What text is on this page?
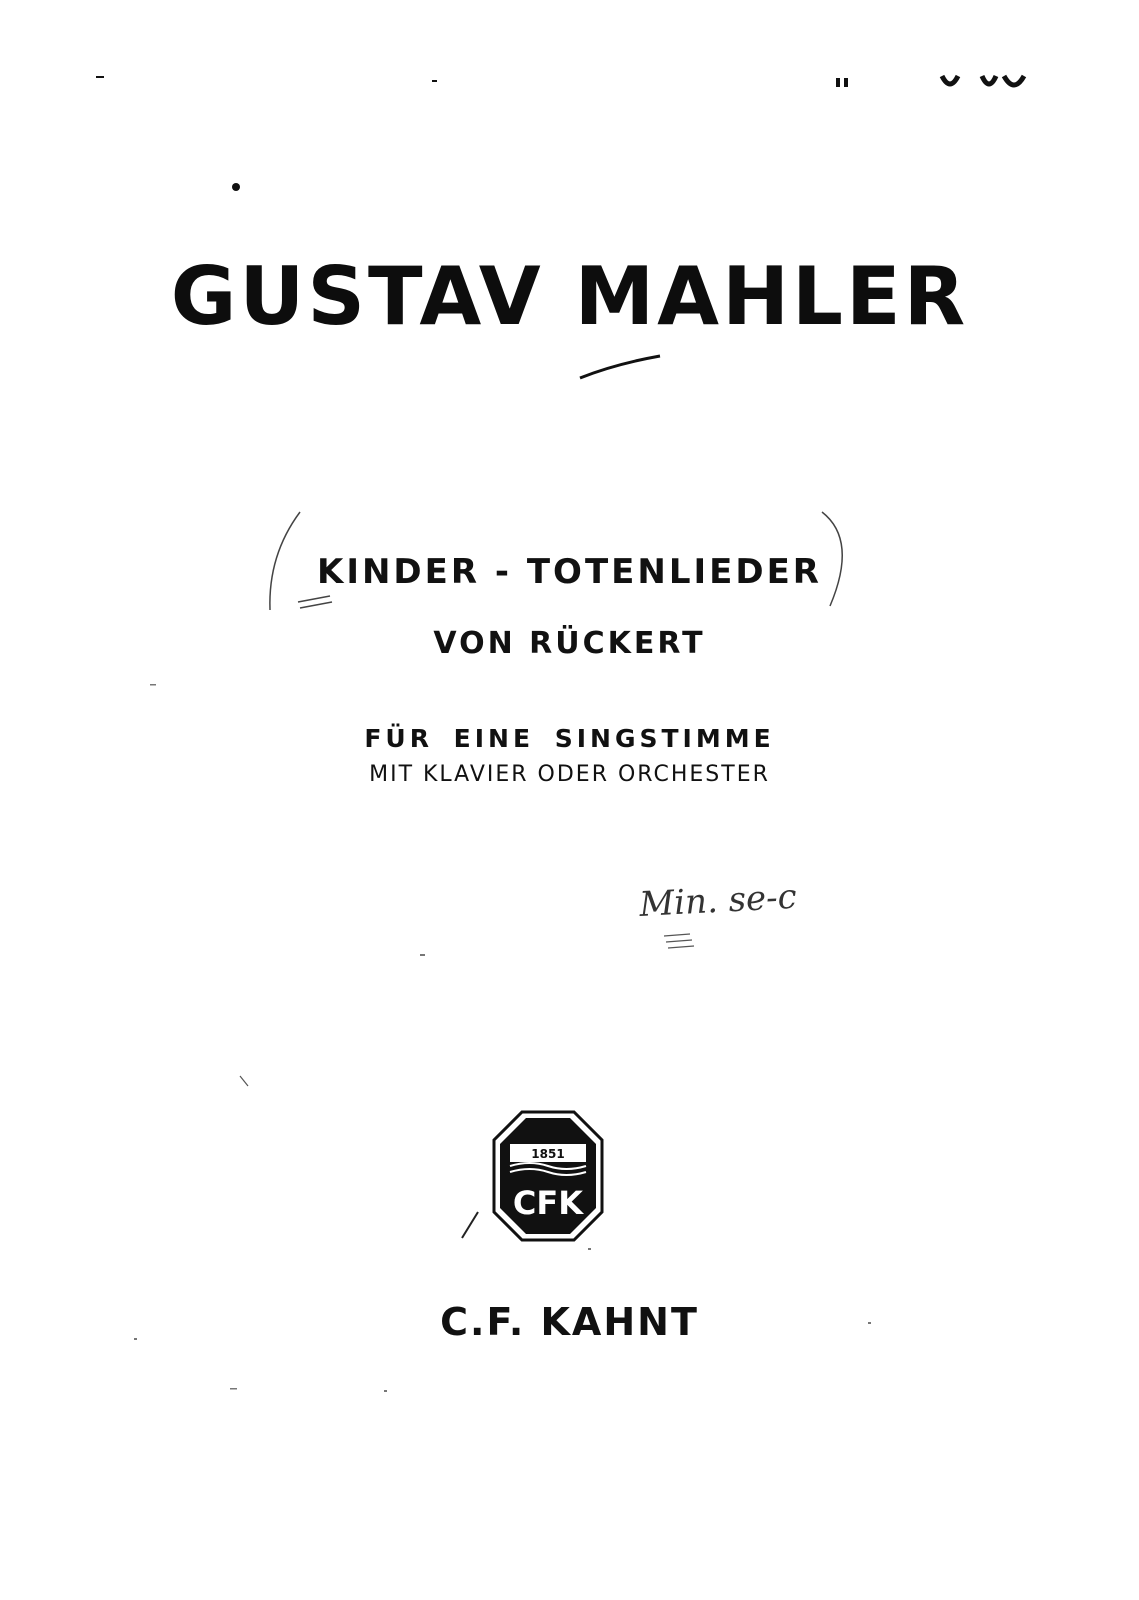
Min. se-c
GUSTAV MAHLER
KINDER - TOTENLIEDER
VON RÜCKERT
FÜR EINE SINGSTIMME
MIT KLAVIER ODER ORCHESTER
1851
CFK
C.F. KAHNT
